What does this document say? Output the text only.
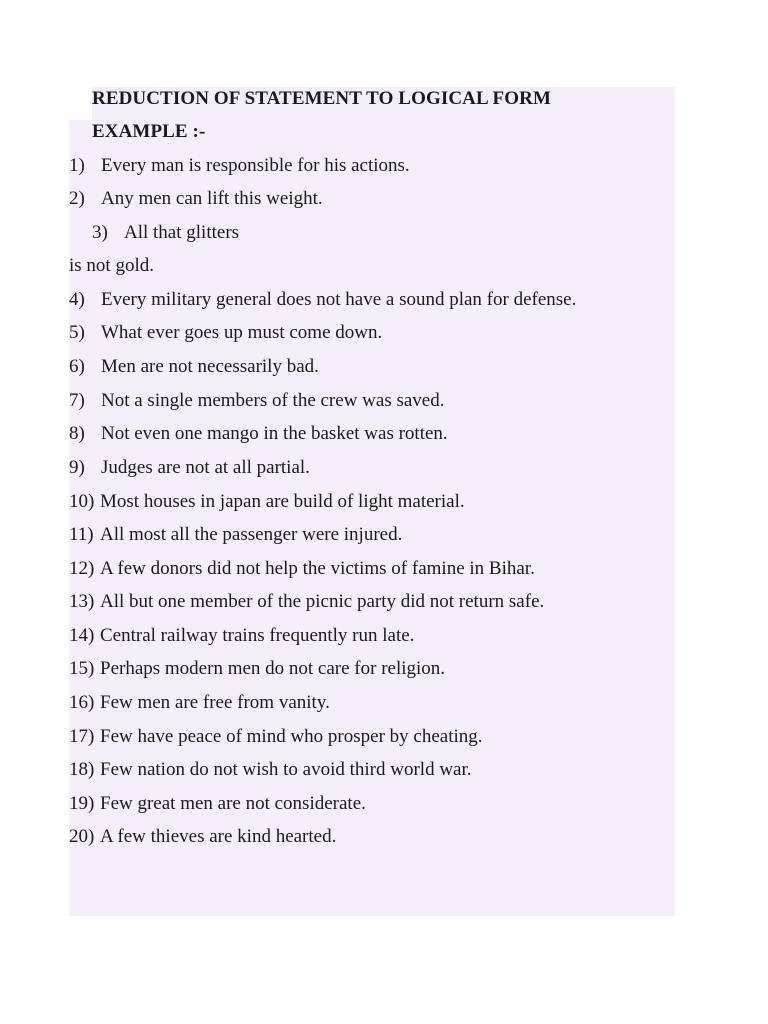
REDUCTION OF STATEMENT TO LOGICAL FORM
EXAMPLE :-
1) Every man is responsible for his actions.
2) Any men can lift this weight.
3) All that glitters
is not gold.
4) Every military general does not have a sound plan for defense.
5) What ever goes up must come down.
6) Men are not necessarily bad.
7) Not a single members of the crew was saved.
8) Not even one mango in the basket was rotten.
9) Judges are not at all partial.
10) Most houses in japan are build of light material.
11) All most all the passenger were injured.
12) A few donors did not help the victims of famine in Bihar.
13) All but one member of the picnic party did not return safe.
14) Central railway trains frequently run late.
15) Perhaps modern men do not care for religion.
16) Few men are free from vanity.
17) Few have peace of mind who prosper by cheating.
18) Few nation do not wish to avoid third world war.
19) Few great men are not considerate.
20) A few thieves are kind hearted.
